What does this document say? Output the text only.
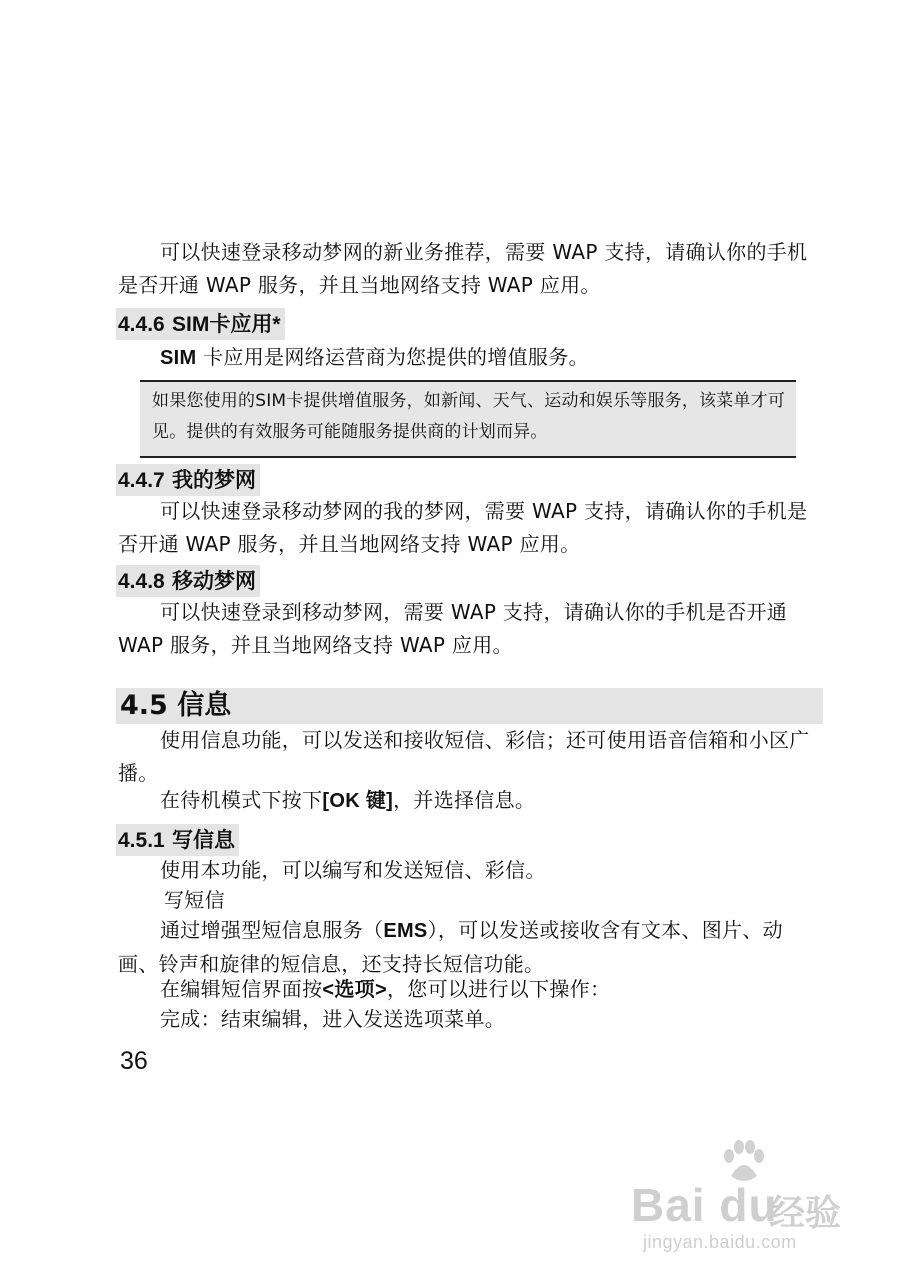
可以快速登录移动梦网的新业务推荐，需要 WAP 支持，请确认你的手机是否开通 WAP 服务，并且当地网络支持 WAP 应用。

4.4.6 SIM卡应用*

SIM 卡应用是网络运营商为您提供的增值服务。

如果您使用的SIM卡提供增值服务，如新闻、天气、运动和娱乐等服务，该菜单才可见。提供的有效服务可能随服务提供商的计划而异。

4.4.7 我的梦网

可以快速登录移动梦网的我的梦网，需要 WAP 支持，请确认你的手机是否开通 WAP 服务，并且当地网络支持 WAP 应用。

4.4.8 移动梦网

可以快速登录到移动梦网，需要 WAP 支持，请确认你的手机是否开通 WAP 服务，并且当地网络支持 WAP 应用。

4.5 信息

使用信息功能，可以发送和接收短信、彩信；还可使用语音信箱和小区广播。

在待机模式下按下[OK 键]，并选择信息。

4.5.1 写信息

使用本功能，可以编写和发送短信、彩信。

写短信

通过增强型短信息服务（EMS），可以发送或接收含有文本、图片、动画、铃声和旋律的短信息，还支持长短信功能。

在编辑短信界面按<选项>，您可以进行以下操作：

完成：结束编辑，进入发送选项菜单。

36
Bai du
经验
jingyan.baidu.com
